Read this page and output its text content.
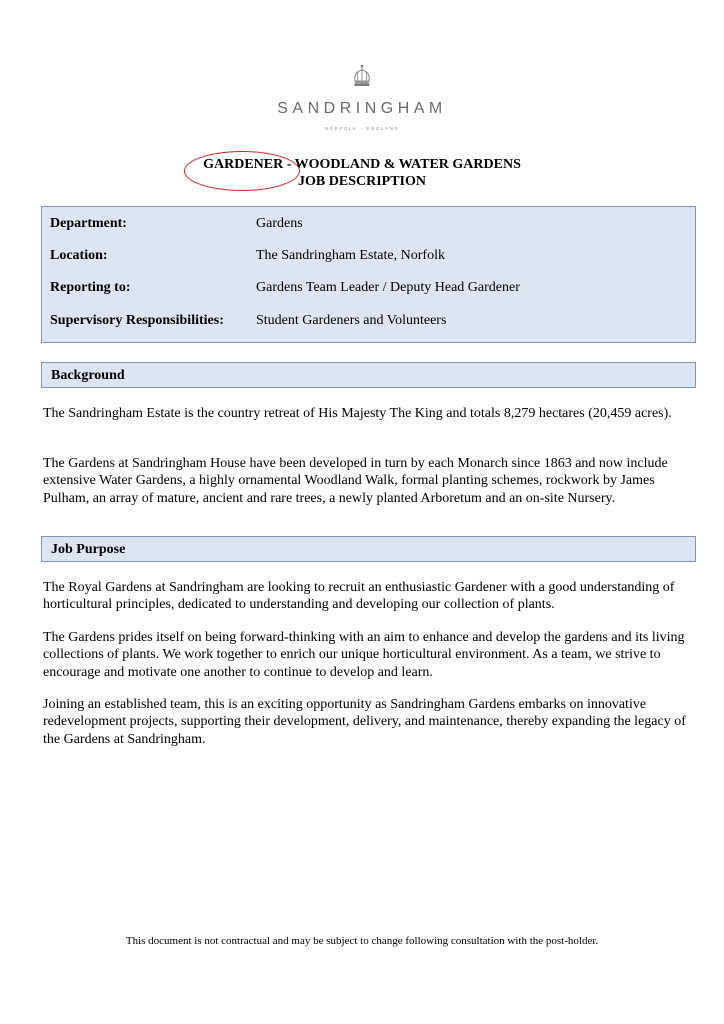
SANDRINGHAM
NORFOLK · ENGLAND
GARDENER - WOODLAND & WATER GARDENS
JOB DESCRIPTION
Department:	Gardens
Location:	The Sandringham Estate, Norfolk
Reporting to:	Gardens Team Leader / Deputy Head Gardener
Supervisory Responsibilities: Student Gardeners and Volunteers
Background

The Sandringham Estate is the country retreat of His Majesty The King and totals 8,279 hectares (20,459 acres).

The Gardens at Sandringham House have been developed in turn by each Monarch since 1863 and now include extensive Water Gardens, a highly ornamental Woodland Walk, formal planting schemes, rockwork by James Pulham, an array of mature, ancient and rare trees, a newly planted Arboretum and an on-site Nursery.

Job Purpose

The Royal Gardens at Sandringham are looking to recruit an enthusiastic Gardener with a good understanding of horticultural principles, dedicated to understanding and developing our collection of plants.

The Gardens prides itself on being forward-thinking with an aim to enhance and develop the gardens and its living collections of plants. We work together to enrich our unique horticultural environment. As a team, we strive to encourage and motivate one another to continue to develop and learn.

Joining an established team, this is an exciting opportunity as Sandringham Gardens embarks on innovative redevelopment projects, supporting their development, delivery, and maintenance, thereby expanding the legacy of the Gardens at Sandringham.

This document is not contractual and may be subject to change following consultation with the post-holder.
